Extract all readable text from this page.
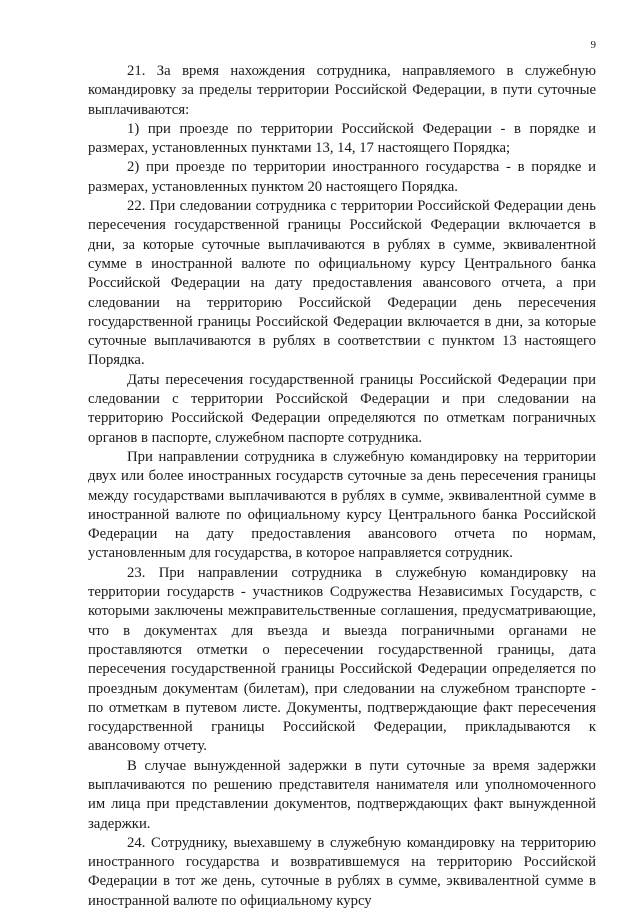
9

21. За время нахождения сотрудника, направляемого в служебную командировку за пределы территории Российской Федерации, в пути суточные выплачиваются:

1) при проезде по территории Российской Федерации - в порядке и размерах, установленных пунктами 13, 14, 17 настоящего Порядка;

2) при проезде по территории иностранного государства - в порядке и размерах, установленных пунктом 20 настоящего Порядка.

22. При следовании сотрудника с территории Российской Федерации день пересечения государственной границы Российской Федерации включается в дни, за которые суточные выплачиваются в рублях в сумме, эквивалентной сумме в иностранной валюте по официальному курсу Центрального банка Российской Федерации на дату предоставления авансового отчета, а при следовании на территорию Российской Федерации день пересечения государственной границы Российской Федерации включается в дни, за которые суточные выплачиваются в рублях в соответствии с пунктом 13 настоящего Порядка.

Даты пересечения государственной границы Российской Федерации при следовании с территории Российской Федерации и при следовании на территорию Российской Федерации определяются по отметкам пограничных органов в паспорте, служебном паспорте сотрудника.

При направлении сотрудника в служебную командировку на территории двух или более иностранных государств суточные за день пересечения границы между государствами выплачиваются в рублях в сумме, эквивалентной сумме в иностранной валюте по официальному курсу Центрального банка Российской Федерации на дату предоставления авансового отчета по нормам, установленным для государства, в которое направляется сотрудник.

23. При направлении сотрудника в служебную командировку на территории государств - участников Содружества Независимых Государств, с которыми заключены межправительственные соглашения, предусматривающие, что в документах для въезда и выезда пограничными органами не проставляются отметки о пересечении государственной границы, дата пересечения государственной границы Российской Федерации определяется по проездным документам (билетам), при следовании на служебном транспорте - по отметкам в путевом листе. Документы, подтверждающие факт пересечения государственной границы Российской Федерации, прикладываются к авансовому отчету.

В случае вынужденной задержки в пути суточные за время задержки выплачиваются по решению представителя нанимателя или уполномоченного им лица при представлении документов, подтверждающих факт вынужденной задержки.

24. Сотруднику, выехавшему в служебную командировку на территорию иностранного государства и возвратившемуся на территорию Российской Федерации в тот же день, суточные в рублях в сумме, эквивалентной сумме в иностранной валюте по официальному курсу
